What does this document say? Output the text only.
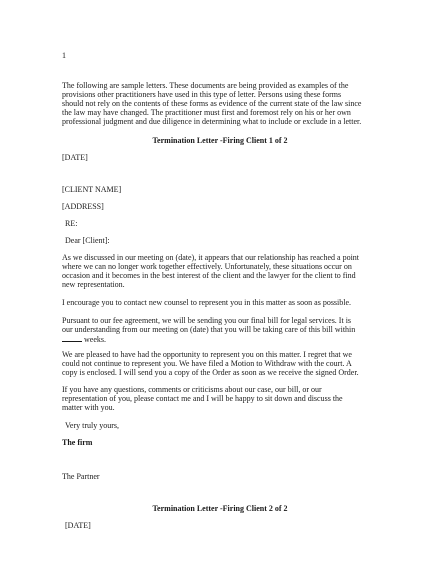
1
The following are sample letters. These documents are being provided as examples of the
provisions other practitioners have used in this type of letter. Persons using these forms
should not rely on the contents of these forms as evidence of the current state of the law since
the law may have changed. The practitioner must first and foremost rely on his or her own
professional judgment and due diligence in determining what to include or exclude in a letter.
Termination Letter -Firing Client 1 of 2
[DATE]
[CLIENT NAME]
[ADDRESS]
RE:
Dear [Client]:
As we discussed in our meeting on (date), it appears that our relationship has reached a point
where we can no longer work together effectively. Unfortunately, these situations occur on
occasion and it becomes in the best interest of the client and the lawyer for the client to find
new representation.
I encourage you to contact new counsel to represent you in this matter as soon as possible.
Pursuant to our fee agreement, we will be sending you our final bill for legal services. It is
our understanding from our meeting on (date) that you will be taking care of this bill within
weeks.
We are pleased to have had the opportunity to represent you on this matter. I regret that we
could not continue to represent you. We have filed a Motion to Withdraw with the court. A
copy is enclosed. I will send you a copy of the Order as soon as we receive the signed Order.
If you have any questions, comments or criticisms about our case, our bill, or our
representation of you, please contact me and I will be happy to sit down and discuss the
matter with you.
Very truly yours,
The firm
The Partner
Termination Letter -Firing Client 2 of 2
[DATE]
